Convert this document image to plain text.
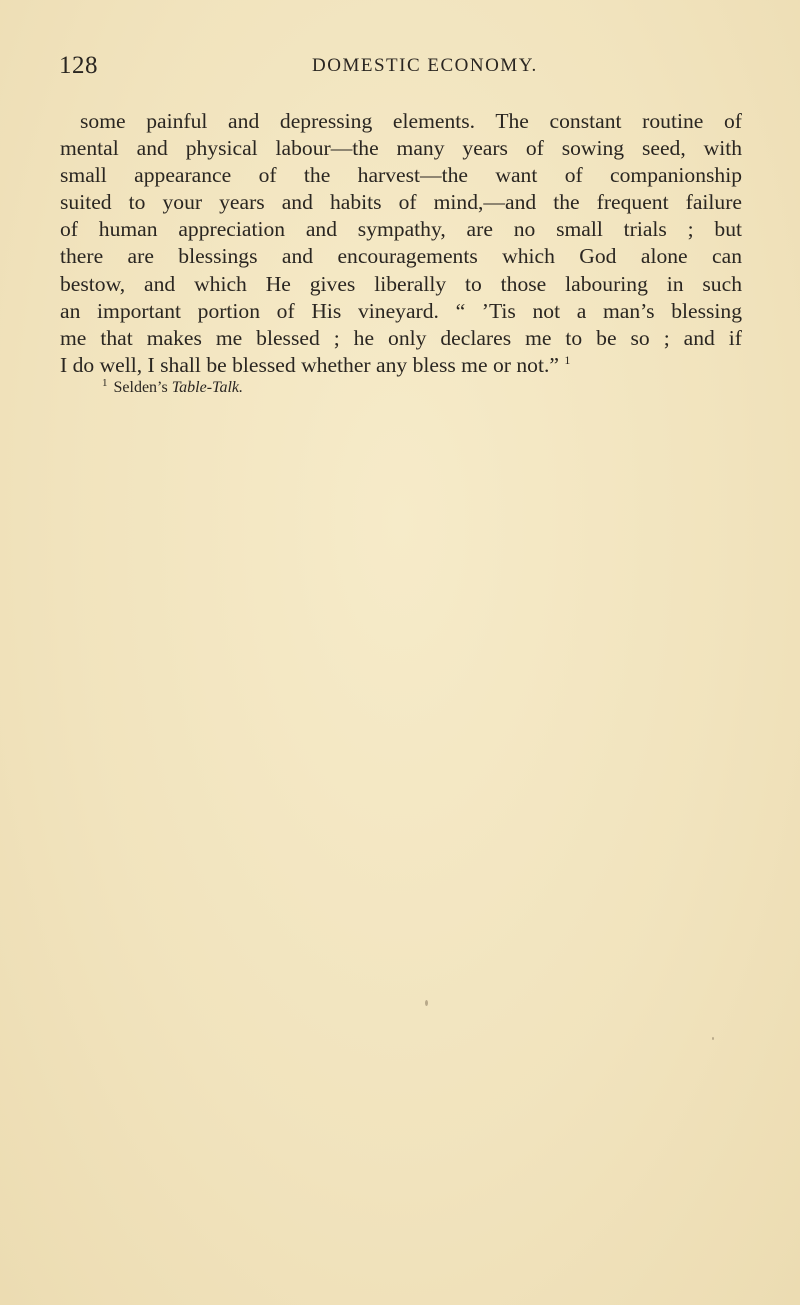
128	DOMESTIC ECONOMY.
some painful and depressing elements. The constant routine of
mental and physical labour—the many years of sowing seed, with
small appearance of the harvest—the want of companionship
suited to your years and habits of mind,—and the frequent failure
of human appreciation and sympathy, are no small trials ; but
there are blessings and encouragements which God alone can
bestow, and which He gives liberally to those labouring in such
an important portion of His vineyard. “ ’Tis not a man’s blessing
me that makes me blessed ; he only declares me to be so ; and if
I do well, I shall be blessed whether any bless me or not.” $^1$
$^1$ Selden’s Table-Talk.
